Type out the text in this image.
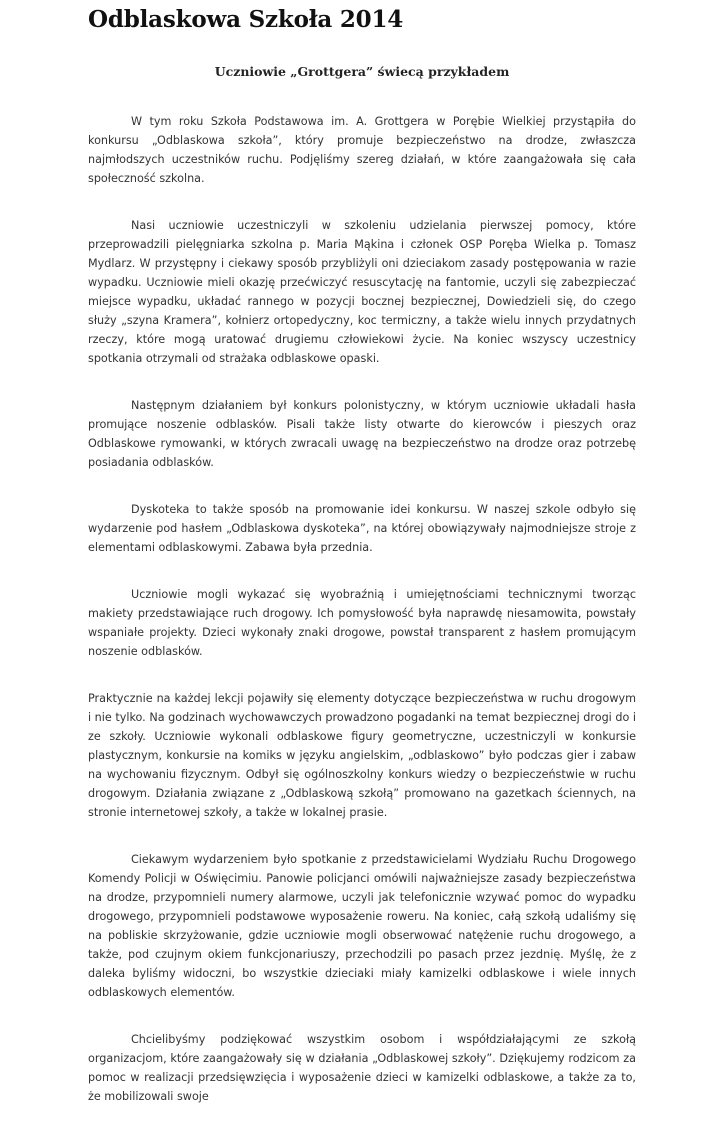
Odblaskowa Szkoła 2014
Uczniowie „Grottgera” świecą przykładem

W tym roku Szkoła Podstawowa im. A. Grottgera w Porębie Wielkiej przystąpiła do konkursu „Odblaskowa szkoła”, który promuje bezpieczeństwo na drodze, zwłaszcza najmłodszych uczestników ruchu. Podjęliśmy szereg działań, w które zaangażowała się cała społeczność szkolna.

Nasi uczniowie uczestniczyli w szkoleniu udzielania pierwszej pomocy, które przeprowadzili pielęgniarka szkolna p. Maria Mąkina i członek OSP Poręba Wielka p. Tomasz Mydlarz. W przystępny i ciekawy sposób przybliżyli oni dzieciakom zasady postępowania w razie wypadku. Uczniowie mieli okazję przećwiczyć resuscytację na fantomie, uczyli się zabezpieczać miejsce wypadku, układać rannego w pozycji bocznej bezpiecznej, Dowiedzieli się, do czego służy „szyna Kramera”, kołnierz ortopedyczny, koc termiczny, a także wielu innych przydatnych rzeczy, które mogą uratować drugiemu człowiekowi życie. Na koniec wszyscy uczestnicy spotkania otrzymali od strażaka odblaskowe opaski.

Następnym działaniem był konkurs polonistyczny, w którym uczniowie układali hasła promujące noszenie odblasków. Pisali także listy otwarte do kierowców i pieszych oraz Odblaskowe rymowanki, w których zwracali uwagę na bezpieczeństwo na drodze oraz potrzebę posiadania odblasków.

Dyskoteka to także sposób na promowanie idei konkursu. W naszej szkole odbyło się wydarzenie pod hasłem „Odblaskowa dyskoteka”, na której obowiązywały najmodniejsze stroje z elementami odblaskowymi. Zabawa była przednia.

Uczniowie mogli wykazać się wyobraźnią i umiejętnościami technicznymi tworząc makiety przedstawiające ruch drogowy. Ich pomysłowość była naprawdę niesamowita, powstały wspaniałe projekty. Dzieci wykonały znaki drogowe, powstał transparent z hasłem promującym noszenie odblasków.

Praktycznie na każdej lekcji pojawiły się elementy dotyczące bezpieczeństwa w ruchu drogowym i nie tylko. Na godzinach wychowawczych prowadzono pogadanki na temat bezpiecznej drogi do i ze szkoły. Uczniowie wykonali odblaskowe figury geometryczne, uczestniczyli w konkursie plastycznym, konkursie na komiks w języku angielskim, „odblaskowo” było podczas gier i zabaw na wychowaniu fizycznym. Odbył się ogólnoszkolny konkurs wiedzy o bezpieczeństwie w ruchu drogowym. Działania związane z „Odblaskową szkołą” promowano na gazetkach ściennych, na stronie internetowej szkoły, a także w lokalnej prasie.

Ciekawym wydarzeniem było spotkanie z przedstawicielami Wydziału Ruchu Drogowego Komendy Policji w Oświęcimiu. Panowie policjanci omówili najważniejsze zasady bezpieczeństwa na drodze, przypomnieli numery alarmowe, uczyli jak telefonicznie wzywać pomoc do wypadku drogowego, przypomnieli podstawowe wyposażenie roweru. Na koniec, całą szkołą udaliśmy się na pobliskie skrzyżowanie, gdzie uczniowie mogli obserwować natężenie ruchu drogowego, a także, pod czujnym okiem funkcjonariuszy, przechodzili po pasach przez jezdnię. Myślę, że z daleka byliśmy widoczni, bo wszystkie dzieciaki miały kamizelki odblaskowe i wiele innych odblaskowych elementów.

Chcielibyśmy podziękować wszystkim osobom i współdziałającymi ze szkołą organizacjom, które zaangażowały się w działania „Odblaskowej szkoły”. Dziękujemy rodzicom za pomoc w realizacji przedsięwzięcia i wyposażenie dzieci w kamizelki odblaskowe, a także za to, że mobilizowali swoje
